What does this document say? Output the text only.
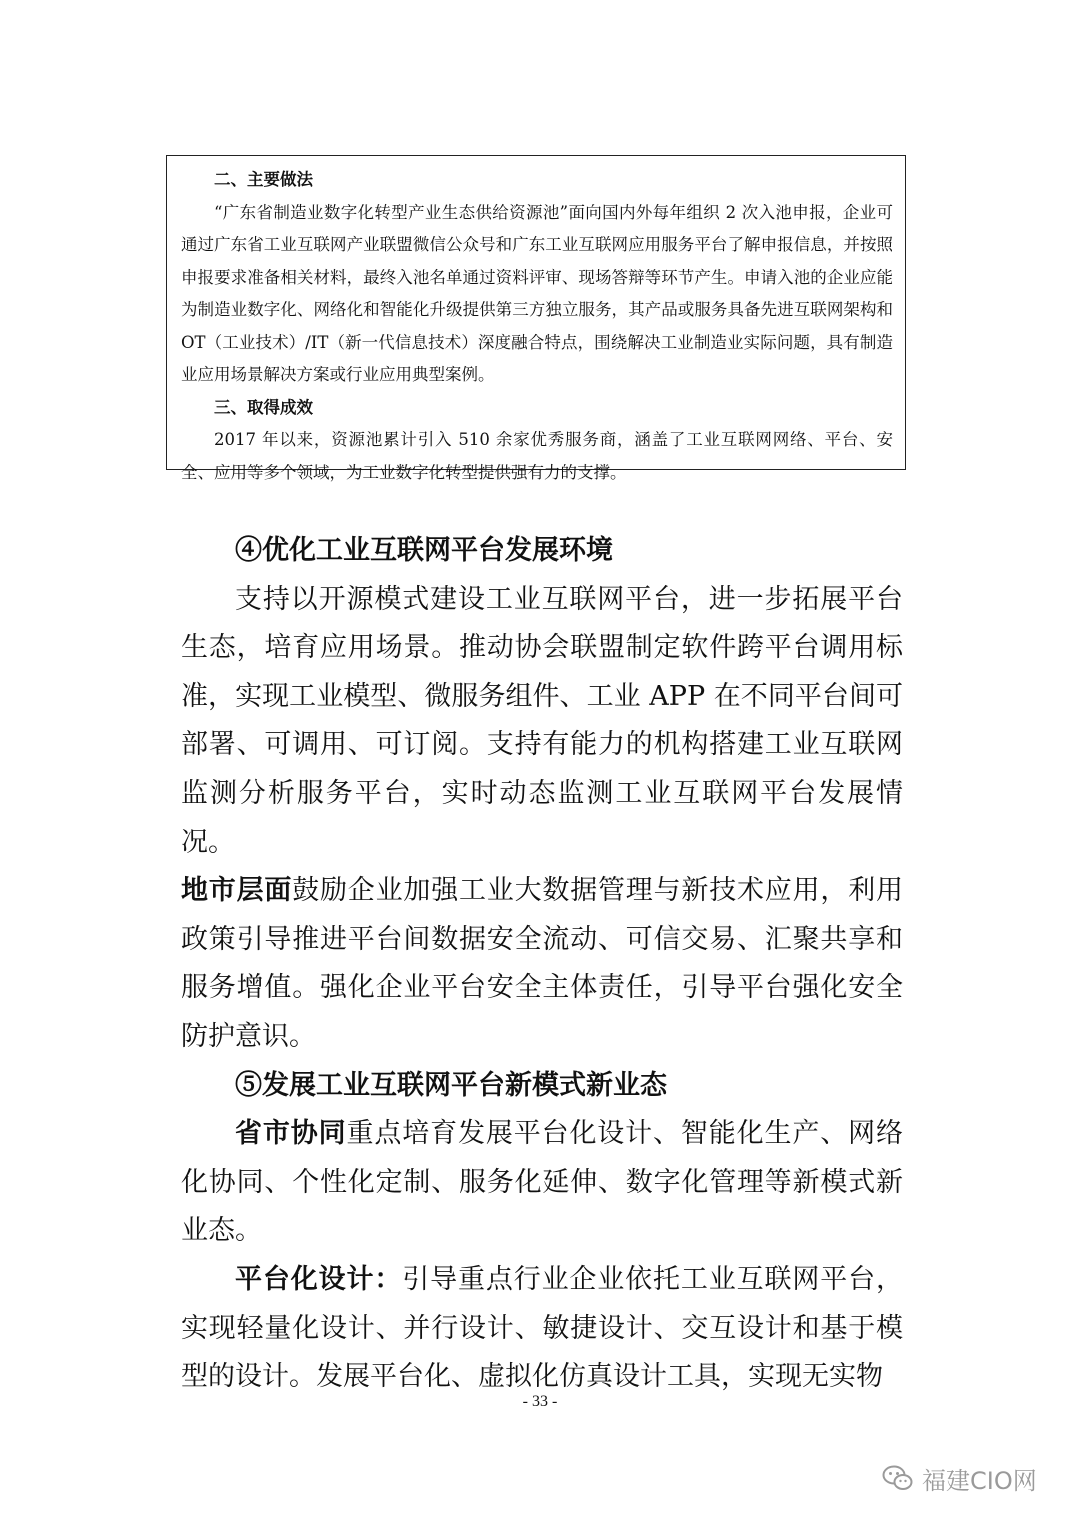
二、主要做法

“广东省制造业数字化转型产业生态供给资源池”面向国内外每年组织 2 次入池申报，企业可通过广东省工业互联网产业联盟微信公众号和广东工业互联网应用服务平台了解申报信息，并按照申报要求准备相关材料，最终入池名单通过资料评审、现场答辩等环节产生。申请入池的企业应能为制造业数字化、网络化和智能化升级提供第三方独立服务，其产品或服务具备先进互联网架构和 OT（工业技术）/IT（新一代信息技术）深度融合特点，围绕解决工业制造业实际问题，具有制造业应用场景解决方案或行业应用典型案例。

三、取得成效

2017 年以来，资源池累计引入 510 余家优秀服务商，涵盖了工业互联网网络、平台、安全、应用等多个领域，为工业数字化转型提供强有力的支撑。

④优化工业互联网平台发展环境

支持以开源模式建设工业互联网平台，进一步拓展平台生态，培育应用场景。推动协会联盟制定软件跨平台调用标准，实现工业模型、微服务组件、工业 APP 在不同平台间可部署、可调用、可订阅。支持有能力的机构搭建工业互联网监测分析服务平台，实时动态监测工业互联网平台发展情况。

地市层面鼓励企业加强工业大数据管理与新技术应用，利用政策引导推进平台间数据安全流动、可信交易、汇聚共享和服务增值。强化企业平台安全主体责任，引导平台强化安全防护意识。

⑤发展工业互联网平台新模式新业态

省市协同重点培育发展平台化设计、智能化生产、网络化协同、个性化定制、服务化延伸、数字化管理等新模式新业态。

平台化设计：引导重点行业企业依托工业互联网平台，实现轻量化设计、并行设计、敏捷设计、交互设计和基于模型的设计。发展平台化、虚拟化仿真设计工具，实现无实物

- 33 -
福建CIO网
